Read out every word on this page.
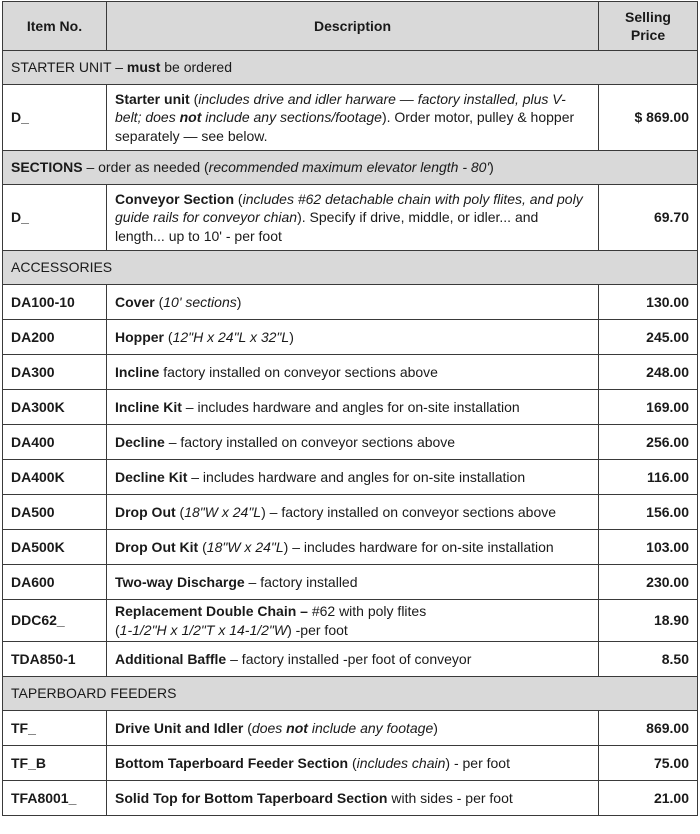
Item No.	Description	Selling
Price
STARTER UNIT – must be ordered		
D_	Starter unit (includes drive and idler harware — factory installed, plus V-belt; does not include any sections/footage). Order motor, pulley & hopper separately — see below.	$ 869.00
SECTIONS – order as needed (recommended maximum elevator length - 80')		
D_	Conveyor Section (includes #62 detachable chain with poly flites, and poly guide rails for conveyor chian). Specify if drive, middle, or idler... and length... up to 10' - per foot	69.70
ACCESSORIES		
DA100-10	Cover (10' sections)	130.00
DA200	Hopper (12"H x 24"L x 32"L)	245.00
DA300	Incline factory installed on conveyor sections above	248.00
DA300K	Incline Kit – includes hardware and angles for on-site installation	169.00
DA400	Decline – factory installed on conveyor sections above	256.00
DA400K	Decline Kit – includes hardware and angles for on-site installation	116.00
DA500	Drop Out (18"W x 24"L) – factory installed on conveyor sections above	156.00
DA500K	Drop Out Kit (18"W x 24"L) – includes hardware for on-site installation	103.00
DA600	Two-way Discharge – factory installed	230.00
DDC62_	Replacement Double Chain – #62 with poly flites
(1-1/2"H x 1/2"T x 14-1/2"W) -per foot	18.90
TDA850-1	Additional Baffle – factory installed -per foot of conveyor	8.50
TAPERBOARD FEEDERS		
TF_	Drive Unit and Idler (does not include any footage)	869.00
TF_B	Bottom Taperboard Feeder Section (includes chain) - per foot	75.00
TFA8001_	Solid Top for Bottom Taperboard Section with sides - per foot	21.00
